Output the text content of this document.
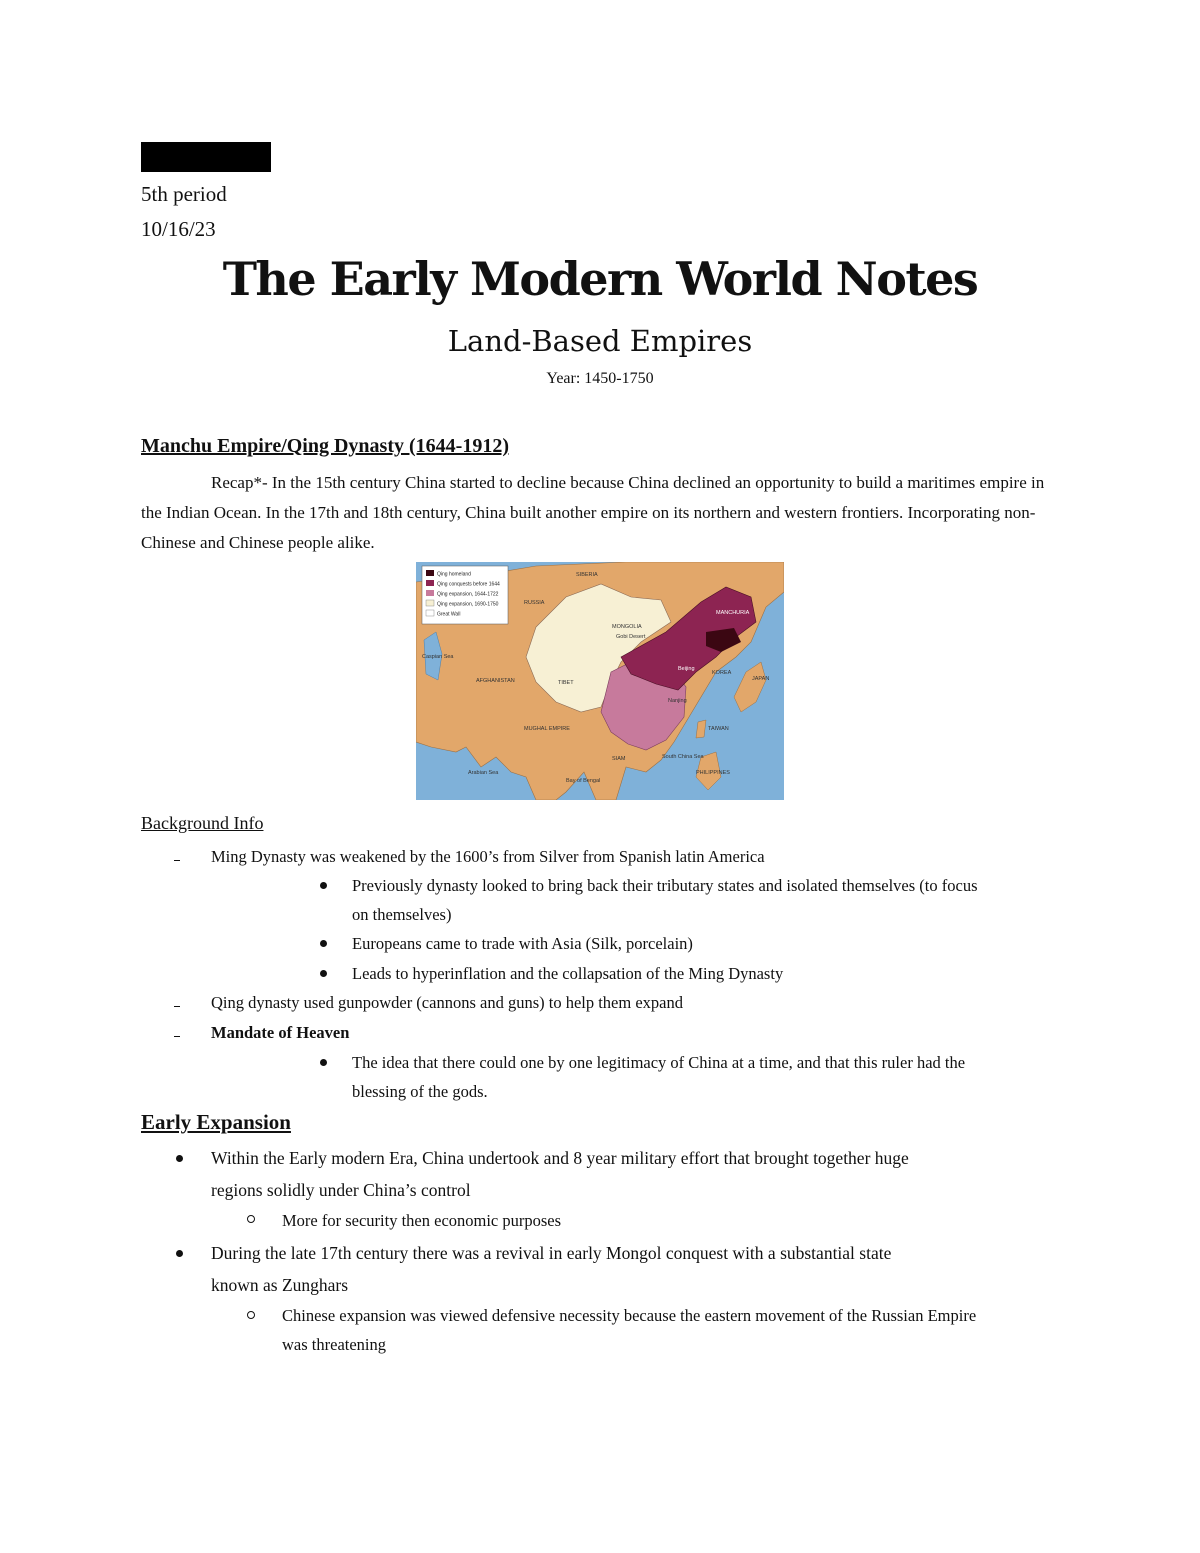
5th period
10/16/23
The Early Modern World Notes
Land-Based Empires
Year: 1450-1750
Manchu Empire/Qing Dynasty (1644-1912)
Recap*- In the 15th century China started to decline because China declined an opportunity to build a maritimes empire in the Indian Ocean. In the 17th and 18th century, China built another empire on its northern and western frontiers. Incorporating non-Chinese and Chinese people alike.
Qing homeland
Qing conquests before 1644
Qing expansion, 1644-1722
Qing expansion, 1690-1750
Great Wall
SIBERIA
RUSSIA
MONGOLIA
MANCHURIA
Gobi Desert
TIBET
KOREA
JAPAN
MUGHAL EMPIRE
Arabian Sea
Bay of Bengal
TAIWAN
PHILIPPINES
South China Sea
SIAM
Caspian Sea
AFGHANISTAN
Beijing
Nanjing
Background Info
Ming Dynasty was weakened by the 1600’s from Silver from Spanish latin America
Previously dynasty looked to bring back their tributary states and isolated themselves (to focus
on themselves)
Europeans came to trade with Asia (Silk, porcelain)
Leads to hyperinflation and the collapsation of the Ming Dynasty
Qing dynasty used gunpowder (cannons and guns) to help them expand
Mandate of Heaven
The idea that there could one by one legitimacy of China at a time, and that this ruler had the
blessing of the gods.
Early Expansion
Within the Early modern Era, China undertook and 8 year military effort that brought together huge
regions solidly under China’s control
More for security then economic purposes
During the late 17th century there was a revival in early Mongol conquest with a substantial state
known as Zunghars
Chinese expansion was viewed defensive necessity because the eastern movement of the Russian Empire
was threatening
